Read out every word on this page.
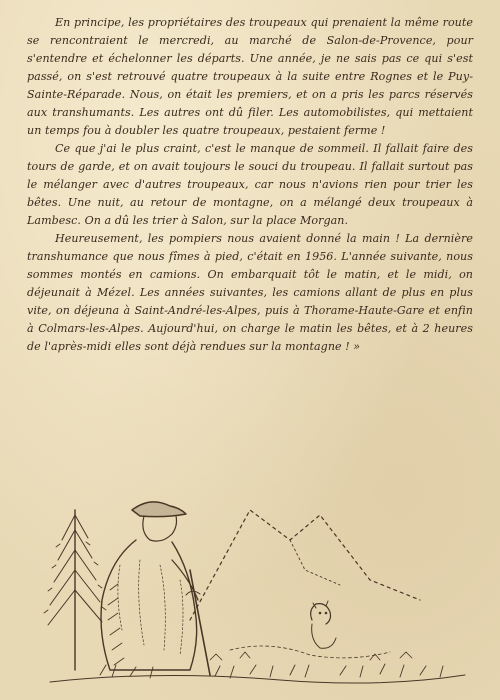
En principe, les propriétaires des troupeaux qui prenaient la même route se rencontraient le mercredi, au marché de Salon-de-Provence, pour s'entendre et échelonner les départs. Une année, je ne sais pas ce qui s'est passé, on s'est retrouvé quatre troupeaux à la suite entre Rognes et le Puy-Sainte-Réparade. Nous, on était les premiers, et on a pris les parcs réservés aux transhumants. Les autres ont dû filer. Les automobilistes, qui mettaient un temps fou à doubler les quatre troupeaux, pestaient ferme !

Ce que j'ai le plus craint, c'est le manque de sommeil. Il fallait faire des tours de garde, et on avait toujours le souci du troupeau. Il fallait surtout pas le mélanger avec d'autres troupeaux, car nous n'avions rien pour trier les bêtes. Une nuit, au retour de montagne, on a mélangé deux troupeaux à Lambesc. On a dû les trier à Salon, sur la place Morgan.

Heureusement, les pompiers nous avaient donné la main ! La dernière transhumance que nous fîmes à pied, c'était en 1956. L'année suivante, nous sommes montés en camions. On embarquait tôt le matin, et le midi, on déjeunait à Mézel. Les années suivantes, les camions allant de plus en plus vite, on déjeuna à Saint-André-les-Alpes, puis à Thorame-Haute-Gare et enfin à Colmars-les-Alpes. Aujourd'hui, on charge le matin les bêtes, et à 2 heures de l'après-midi elles sont déjà rendues sur la montagne ! »
